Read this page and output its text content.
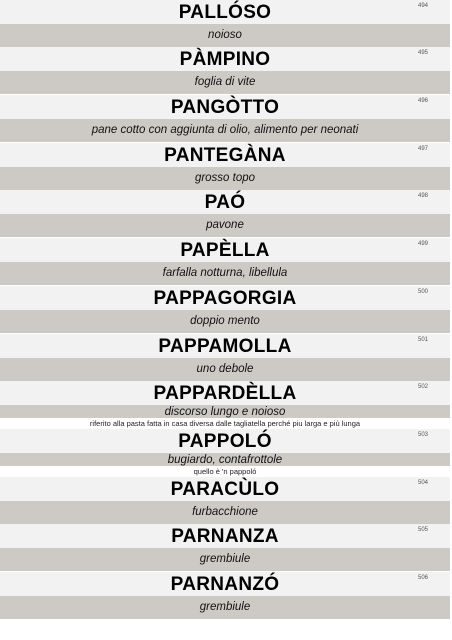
PALLÓSO	494
noioso
PÀMPINO	495
foglia di vite
PANGÒTTO	496
pane cotto con aggiunta di olio, alimento per neonati
PANTEGÀNA	497
grosso topo
PAÓ	498
pavone
PAPÈLLA	499
farfalla notturna, libellula
PAPPAGORGIA	500
doppio mento
PAPPAMOLLA	501
uno debole
PAPPARDÈLLA	502
discorso lungo e noioso
riferito alla pasta fatta in casa diversa dalle tagliatella perché piu larga e più lunga
PAPPOLÓ	503
bugiardo, contafrottole
quello è 'n pappoló
PARACÙLO	504
furbacchione
PARNANZA	505
grembiule
PARNANZÓ	506
grembiule
